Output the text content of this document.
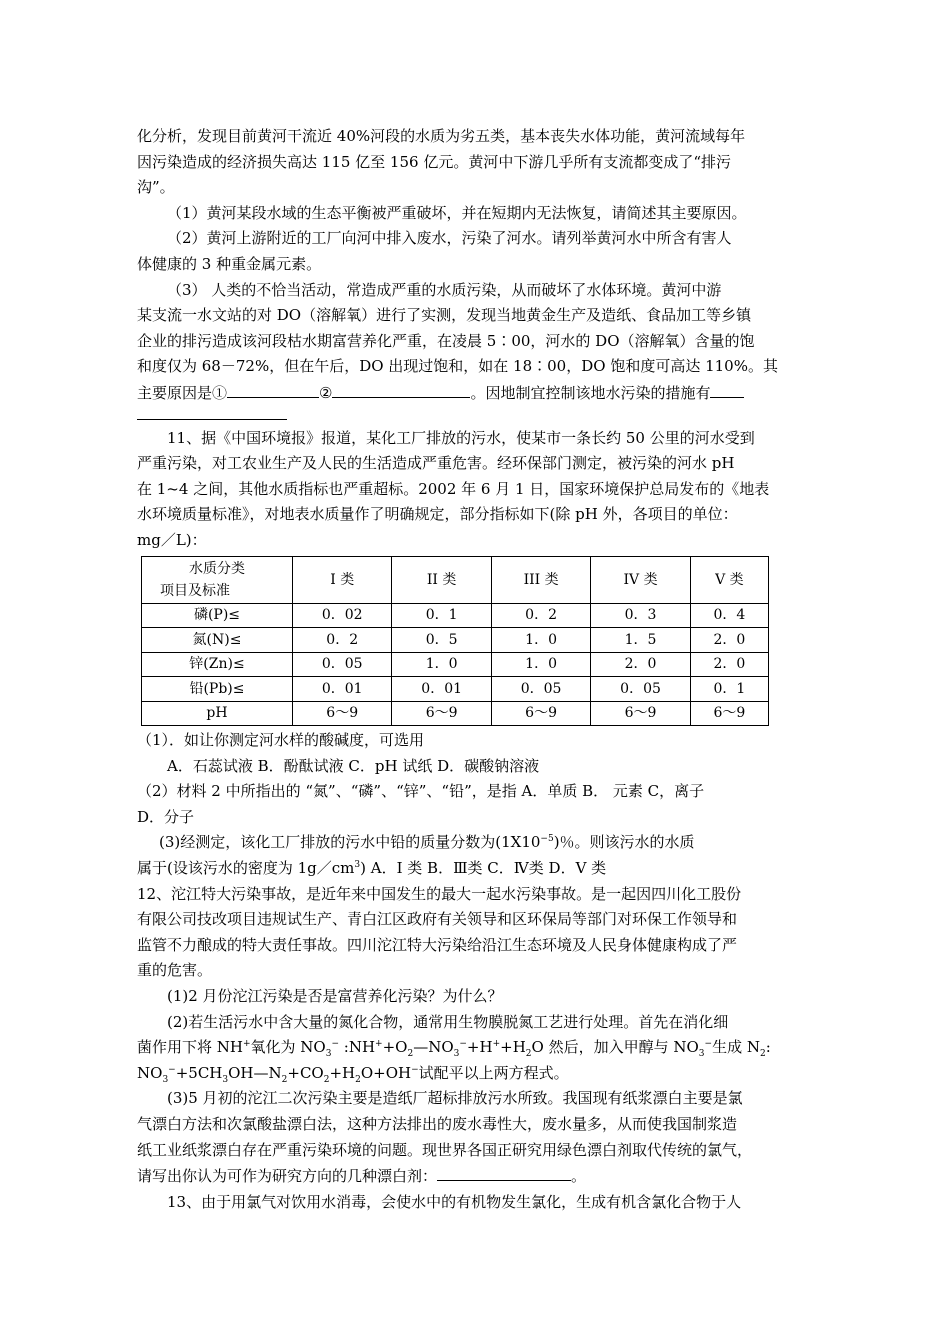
化分析，发现目前黄河干流近 40%河段的水质为劣五类，基本丧失水体功能，黄河流域每年

因污染造成的经济损失高达 115 亿至 156 亿元。黄河中下游几乎所有支流都变成了“排污

沟”。

（1）黄河某段水域的生态平衡被严重破坏，并在短期内无法恢复，请简述其主要原因。

（2）黄河上游附近的工厂向河中排入废水，污染了河水。请列举黄河水中所含有害人

体健康的 3 种重金属元素。

（3） 人类的不恰当活动，常造成严重的水质污染，从而破坏了水体环境。黄河中游

某支流一水文站的对 DO（溶解氧）进行了实测，发现当地黄金生产及造纸、食品加工等乡镇

企业的排污造成该河段枯水期富营养化严重，在凌晨 5∶00，河水的 DO（溶解氧）含量的饱

和度仅为 68－72%，但在午后，DO 出现过饱和，如在 18∶00，DO 饱和度可高达 110%。其

主要原因是①	②	。因地制宜控制该地水污染的措施有

11、据《中国环境报》报道，某化工厂排放的污水，使某市一条长约 50 公里的河水受到

严重污染，对工农业生产及人民的生活造成严重危害。经环保部门测定，被污染的河水 pH

在 1~4 之间，其他水质指标也严重超标。2002 年 6 月 1 日，国家环境保护总局发布的《地表

水环境质量标准》，对地表水质量作了明确规定，部分指标如下(除 pH 外，各项目的单位：

mg／L)：

水质分类
项目及标准	I 类	II 类	III 类	IV 类	V 类
磷(P)≤	0．02	0．1	0．2	0．3	0．4
氮(N)≤	0．2	0．5	1．0	1．5	2．0
锌(Zn)≤	0．05	1．0	1．0	2．0	2．0
铅(Pb)≤	0．01	0．01	0．05	0．05	0．1
pH	6～9	6～9	6～9	6～9	6～9

（1）．如让你测定河水样的酸碱度，可选用

A．石蕊试液 B．酚酞试液 C．pH 试纸 D．碳酸钠溶液

（2）材料 2 中所指出的 “氮”、“磷”、“锌”、“铅”，是指 A．单质 B． 元素 C，离子

D．分子

(3)经测定，该化工厂排放的污水中铅的质量分数为$(1X10^{-5})$％。则该污水的水质

属于(设该污水的密度为 $1g/cm^3$) A．I 类 B．Ⅲ类 C．Ⅳ类 D．V 类

12、沱江特大污染事故，是近年来中国发生的最大一起水污染事故。是一起因四川化工股份

有限公司技改项目违规试生产、青白江区政府有关领导和区环保局等部门对环保工作领导和

监管不力酿成的特大责任事故。四川沱江特大污染给沿江生态环境及人民身体健康构成了严

重的危害。

(1)2 月份沱江污染是否是富营养化污染？为什么？

(2)若生活污水中含大量的氮化合物，通常用生物膜脱氮工艺进行处理。首先在消化细

菌作用下将 NH+氧化为 $NO_3^-$ $:NH^++O_2—NO_3^-+H^++H_2O$ 然后，加入甲醇与 $NO_3^-$生成 $N_2$:

$NO_3^-+5CH_3OH—N_2+CO_2+H_2O+OH^-$试配平以上两方程式。

(3)5 月初的沱江二次污染主要是造纸厂超标排放污水所致。我国现有纸浆漂白主要是氯

气漂白方法和次氯酸盐漂白法，这种方法排出的废水毒性大，废水量多，从而使我国制浆造

纸工业纸浆漂白存在严重污染环境的问题。现世界各国正研究用绿色漂白剂取代传统的氯气，

请写出你认为可作为研究方向的几种漂白剂：	。

13、由于用氯气对饮用水消毒，会使水中的有机物发生氯化，生成有机含氯化合物于人
